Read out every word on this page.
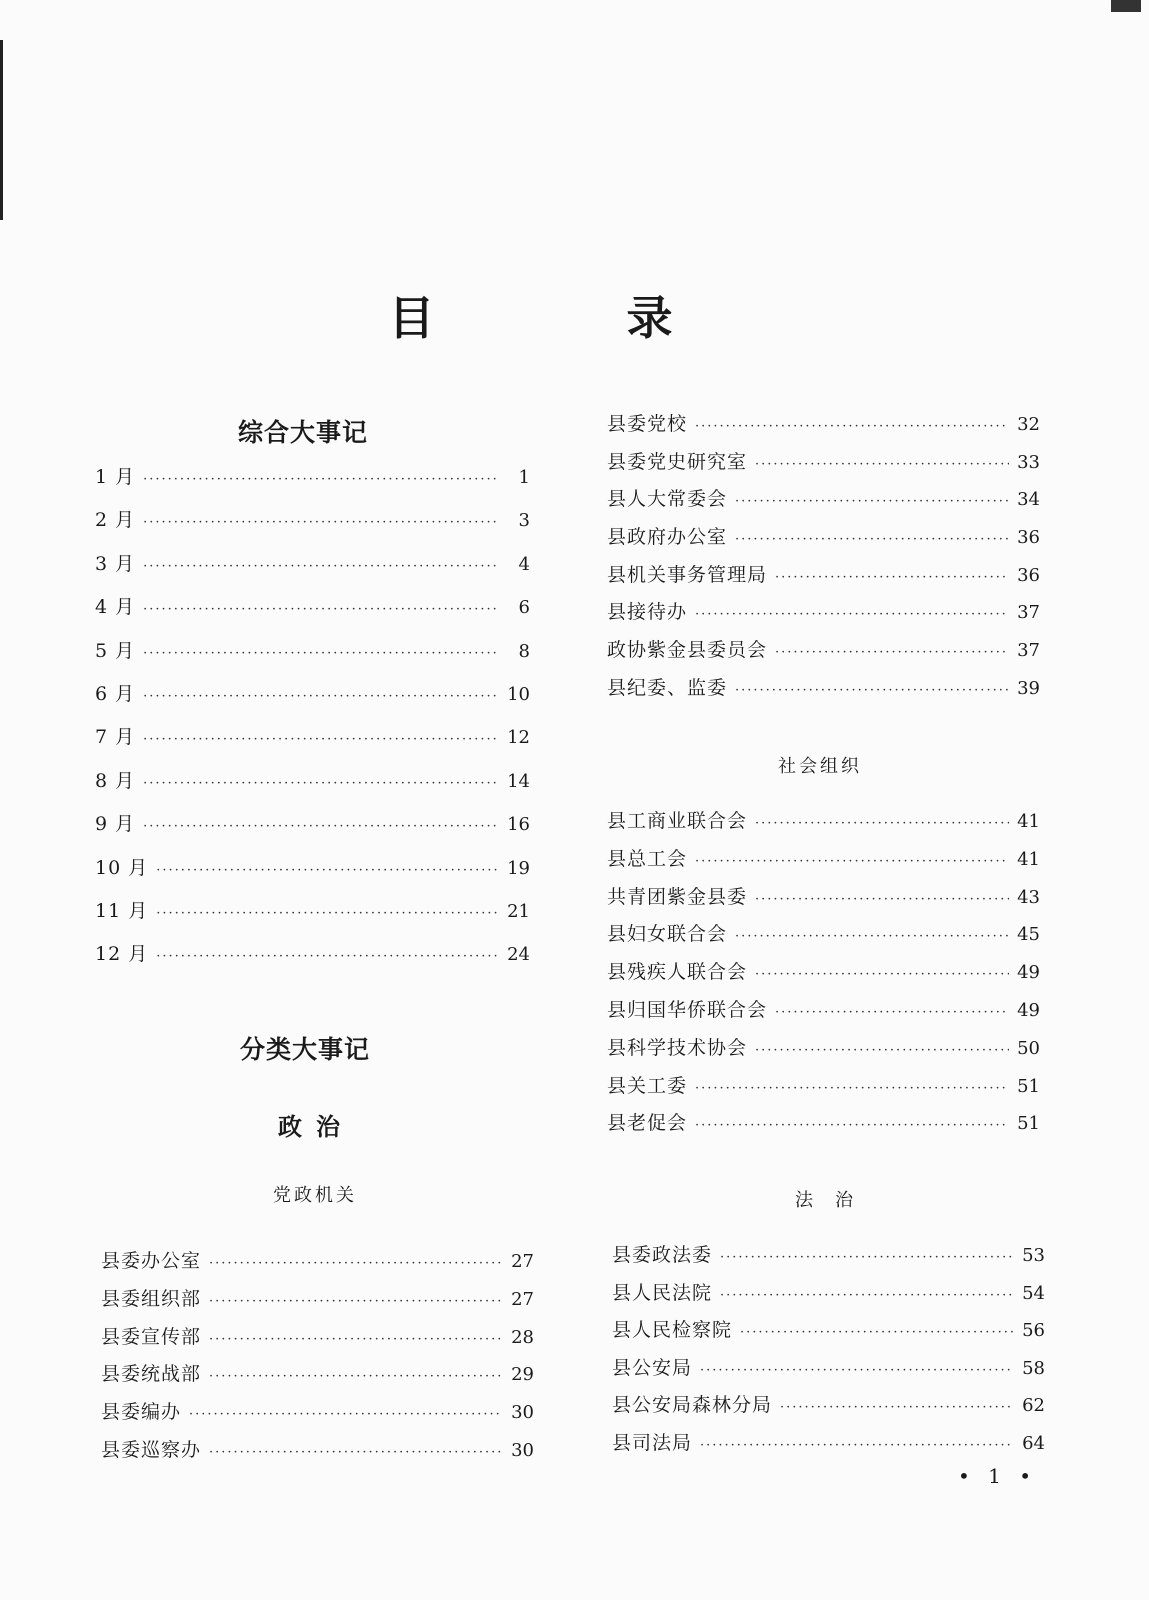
目 录
综合大事记
1 月 ·····	1
2 月 ·····	3
3 月 ·····	4
4 月 ·····	6
5 月 ·····	8
6 月 ·····	10
7 月 ·····	12
8 月 ·····	14
9 月 ·····	16
10 月 ·····	19
11 月 ·····	21
12 月 ·····	24
分类大事记
政治
党政机关
县委办公室 ·····	27
县委组织部 ·····	27
县委宣传部 ·····	28
县委统战部 ·····	29
县委编办 ·····	30
县委巡察办 ·····	30
县委党校 ·····	32
县委党史研究室 ·····	33
县人大常委会 ·····	34
县政府办公室 ·····	36
县机关事务管理局 ·····	36
县接待办 ·····	37
政协紫金县委员会 ·····	37
县纪委、监委 ·····	39
社会组织
县工商业联合会 ·····	41
县总工会 ·····	41
共青团紫金县委 ·····	43
县妇女联合会 ·····	45
县残疾人联合会 ·····	49
县归国华侨联合会 ·····	49
县科学技术协会 ·····	50
县关工委 ·····	51
县老促会 ·····	51
法治
县委政法委 ·····	53
县人民法院 ·····	54
县人民检察院 ·····	56
县公安局 ·····	58
县公安局森林分局 ·····	62
县司法局 ·····	64
• 1 •
